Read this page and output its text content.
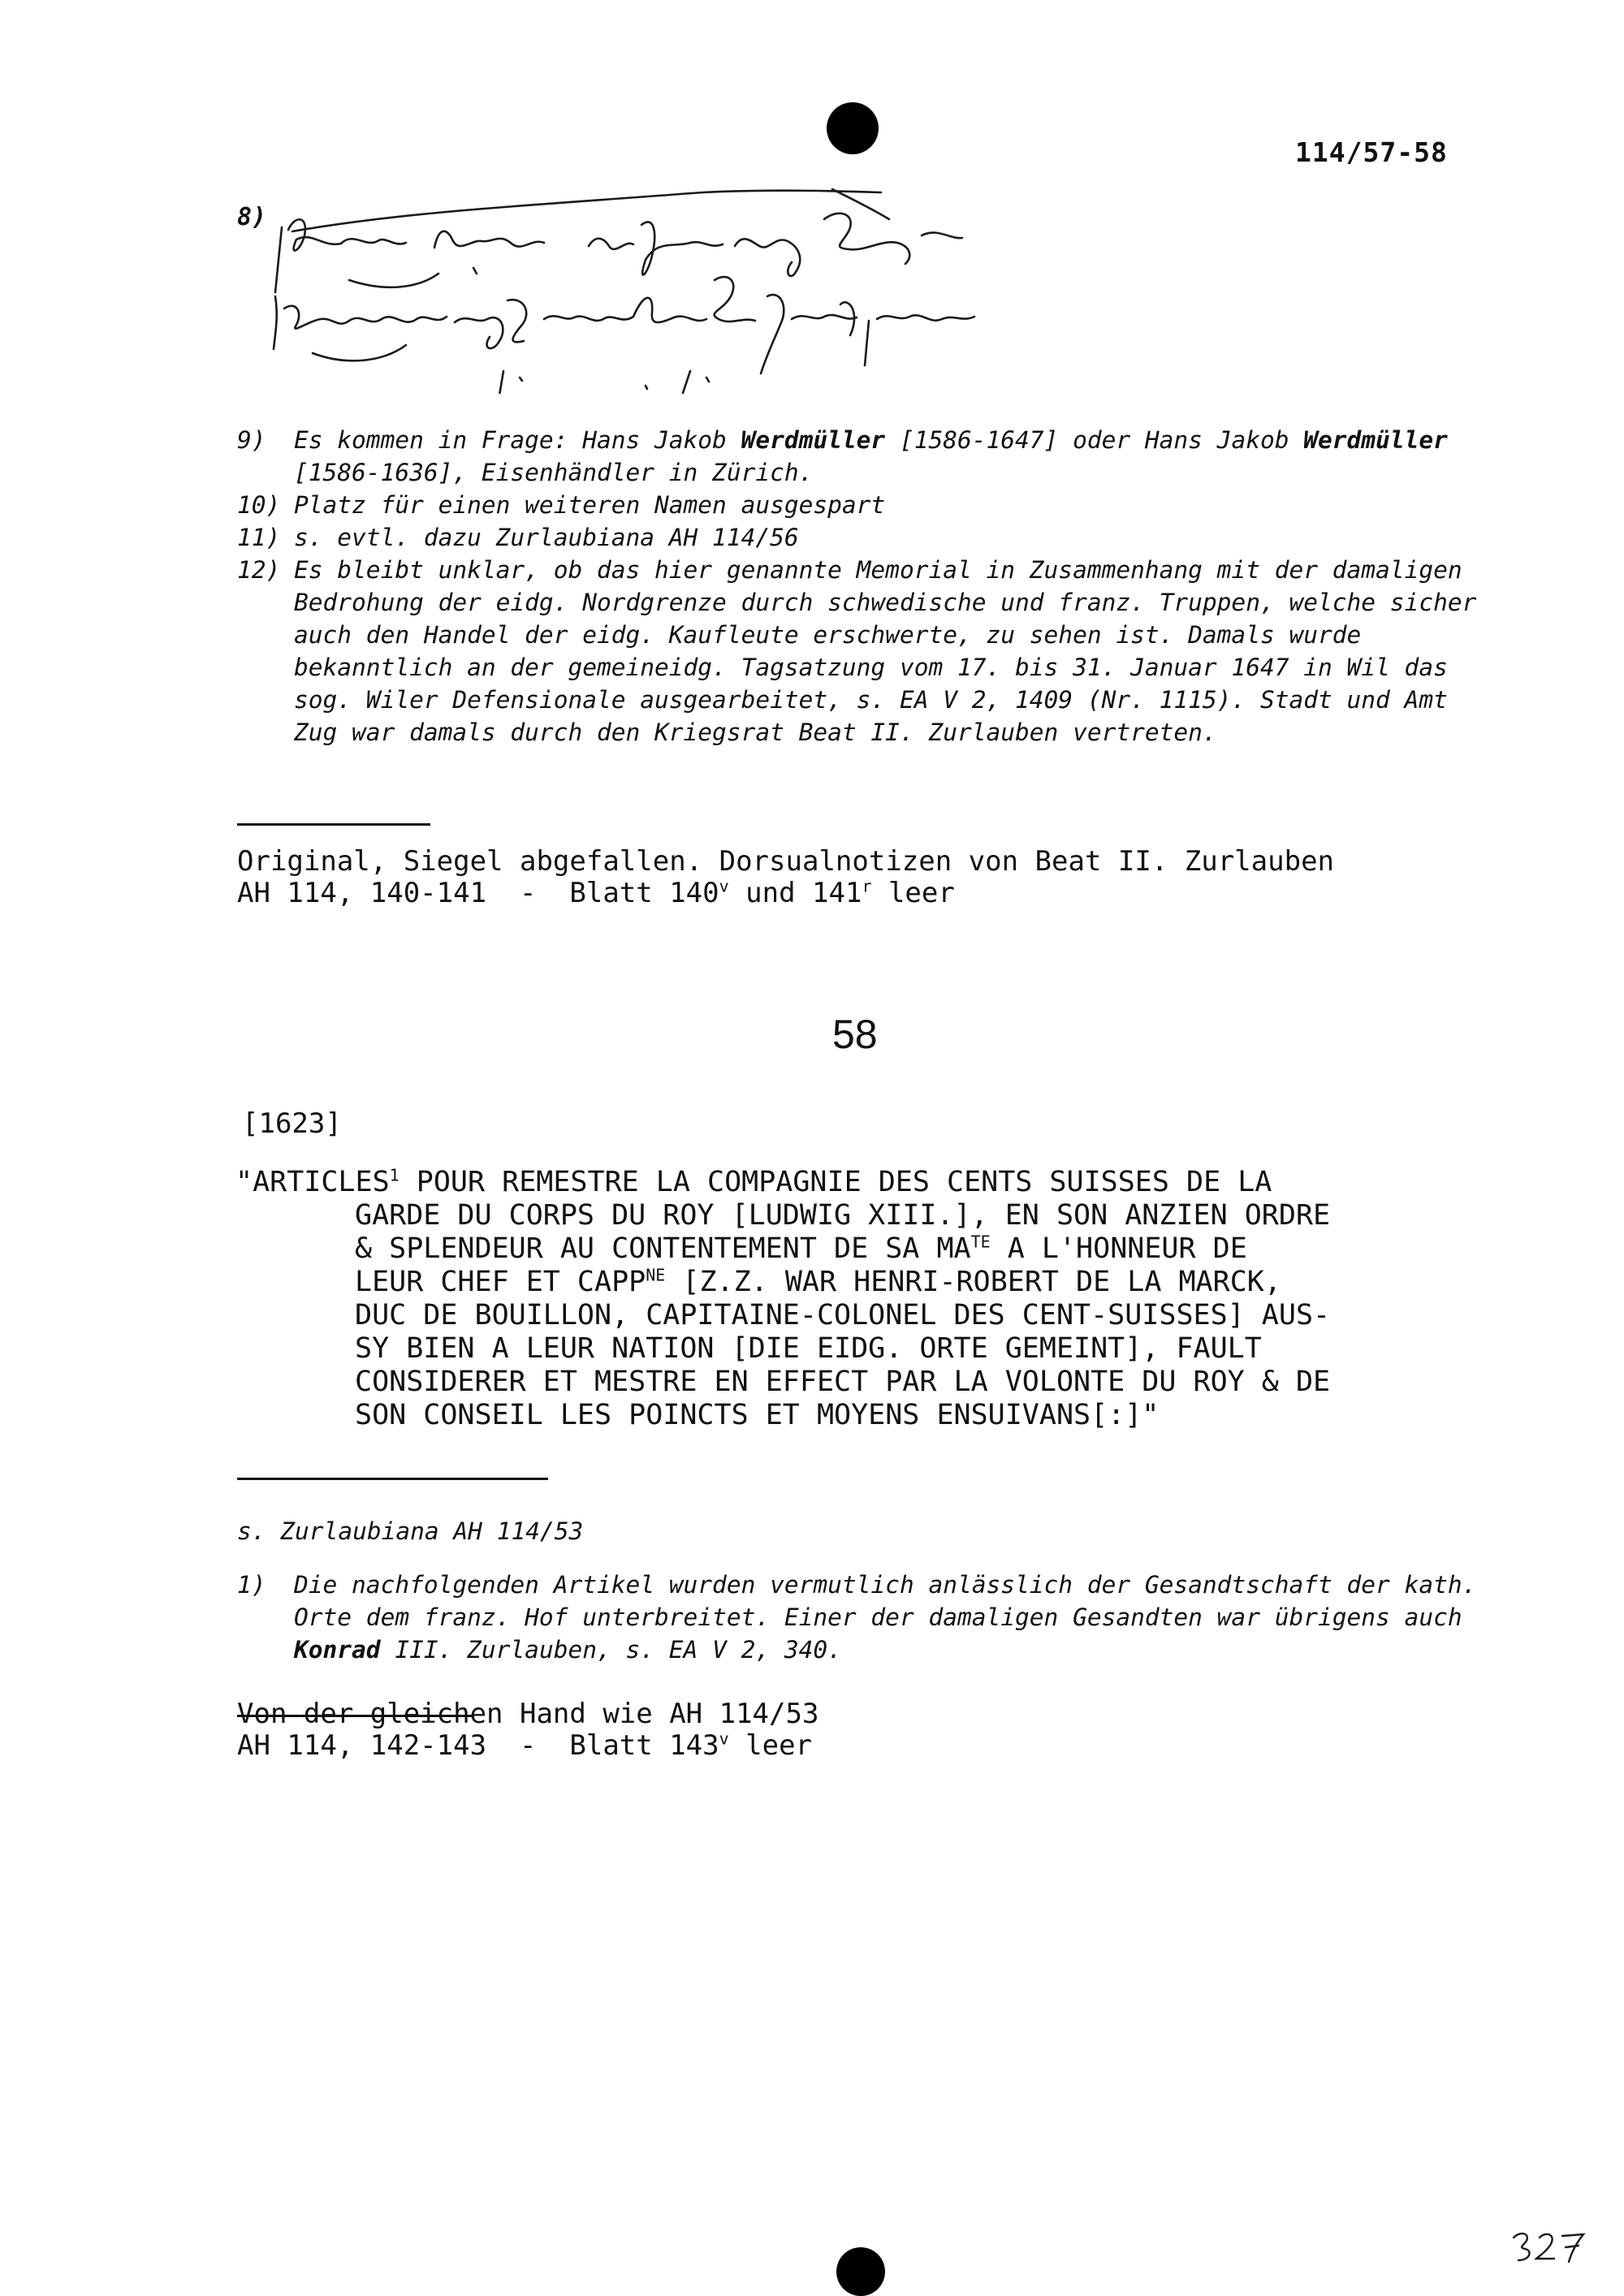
114/57-58
8)
9)	Es kommen in Frage: Hans Jakob Werdmüller [1586-1647] oder Hans Jakob Werdmüller [1586-1636], Eisenhändler in Zürich.
10) Platz für einen weiteren Namen ausgespart
11) s. evtl. dazu Zurlaubiana AH 114/56
12) Es bleibt unklar, ob das hier genannte Memorial in Zusammenhang mit der damaligen Bedrohung der eidg. Nordgrenze durch schwedische und franz. Truppen, welche sicher auch den Handel der eidg. Kaufleute erschwerte, zu sehen ist. Damals wurde bekanntlich an der gemeineidg. Tagsatzung vom 17. bis 31. Januar 1647 in Wil das sog. Wiler Defensionale ausgearbeitet, s. EA V 2, 1409 (Nr. 1115). Stadt und Amt Zug war damals durch den Kriegsrat Beat II. Zurlauben vertreten.
Original, Siegel abgefallen. Dorsualnotizen von Beat II. Zurlauben
AH 114, 140-141  -  Blatt 140$^v$ und 141$^r$ leer
58
[1623]
"ARTICLES$^1$ POUR REMESTRE LA COMPAGNIE DES CENTS SUISSES DE LA
GARDE DU CORPS DU ROY [LUDWIG XIII.], EN SON ANZIEN ORDRE
& SPLENDEUR AU CONTENTEMENT DE SA $MA^{TE}$ A L'HONNEUR DE
LEUR CHEF ET $CAPP^{NE}$ [Z.Z. WAR HENRI-ROBERT DE LA MARCK,
DUC DE BOUILLON, CAPITAINE-COLONEL DES CENT-SUISSES] AUS-
SY BIEN A LEUR NATION [DIE EIDG. ORTE GEMEINT], FAULT
CONSIDERER ET MESTRE EN EFFECT PAR LA VOLONTE DU ROY & DE
SON CONSEIL LES POINCTS ET MOYENS ENSUIVANS[:]"
s. Zurlaubiana AH 114/53
1)	Die nachfolgenden Artikel wurden vermutlich anlässlich der Gesandtschaft der kath. Orte dem franz. Hof unterbreitet. Einer der damaligen Gesandten war übrigens auch Konrad III. Zurlauben, s. EA V 2, 340.
Von der gleichen Hand wie AH 114/53
AH 114, 142-143  -  Blatt 143$^v$ leer
